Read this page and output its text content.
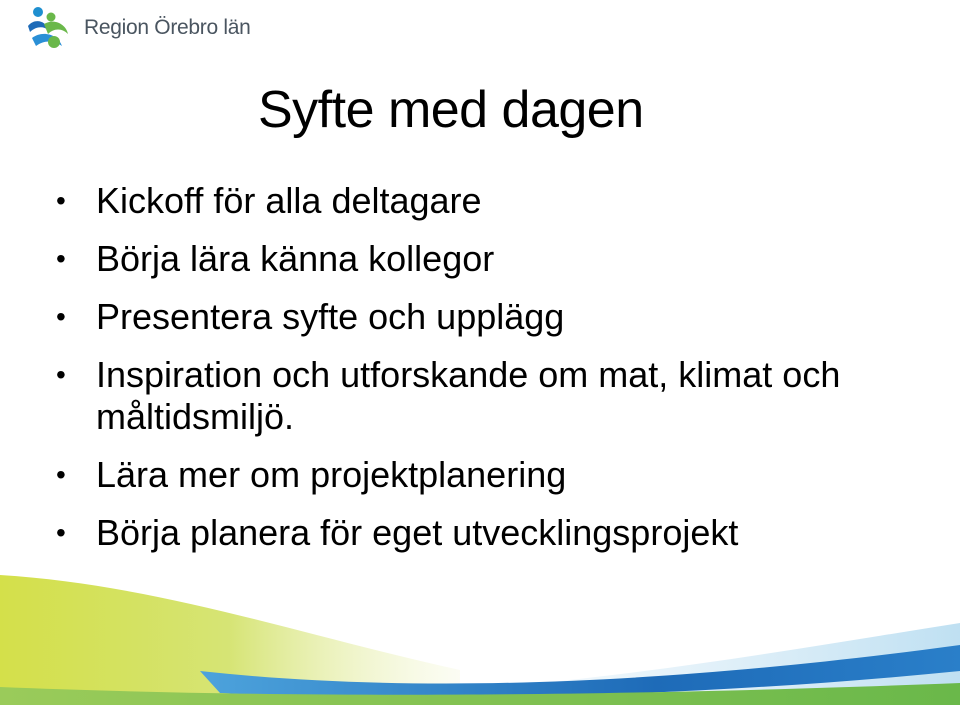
Region Örebro län
Syfte med dagen
• Kickoff för alla deltagare
• Börja lära känna kollegor
• Presentera syfte och upplägg
• Inspiration och utforskande om mat, klimat och måltidsmiljö.
• Lära mer om projektplanering
• Börja planera för eget utvecklingsprojekt
